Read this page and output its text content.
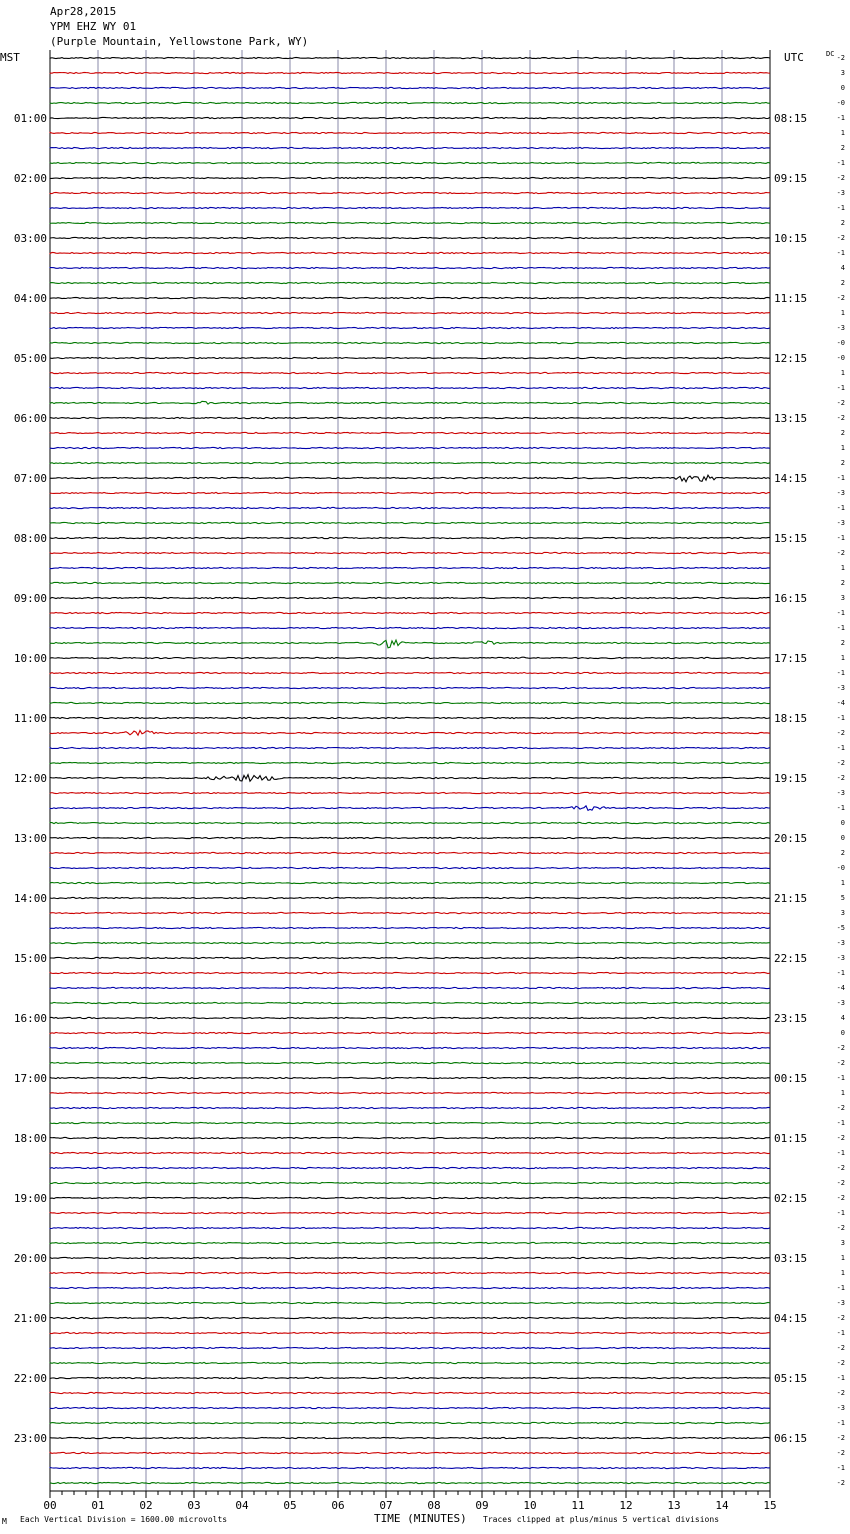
Apr28,2015
YPM EHZ WY 01
(Purple Mountain, Yellowstone Park, WY)
MST	UTC	DC
01:00
02:00
03:00
04:00
05:00
06:00
07:00
08:00
09:00
10:00
11:00
12:00
13:00
14:00
15:00
16:00
17:00
18:00
19:00
20:00
21:00
22:00
23:00
08:15
09:15
10:15
11:15
12:15
13:15
14:15
15:15
16:15
17:15
18:15
19:15
20:15
21:15
22:15
23:15
00:15
01:15
02:15
03:15
04:15
05:15
06:15
-2
3
0
-0
-1
1
2
-1
-2
-3
-1
2
-2
-1
4
2
-2
1
-3
-0
-0
1
-1
-2
-2
2
1
2
-1
-3
-1
-3
-1
-2
1
2
3
-1
-1
2
1
-1
-3
-4
-1
-2
-1
-2
-2
-3
-1
0
0
2
-0
1
5
3
-5
-3
-3
-1
-4
-3
4
0
-2
-2
-1
1
-2
-1
-2
-1
-2
-2
-2
-1
-2
3
1
1
-1
-3
-2
-1
-2
-2
-1
-2
-3
-1
-2
-2
-1
-2
00	01	02	03	04	05	06	07	08	09	10	11	12	13	14	15
M Each Vertical Division = 1600.00 microvolts	TIME (MINUTES) Traces clipped at plus/minus 5 vertical divisions
